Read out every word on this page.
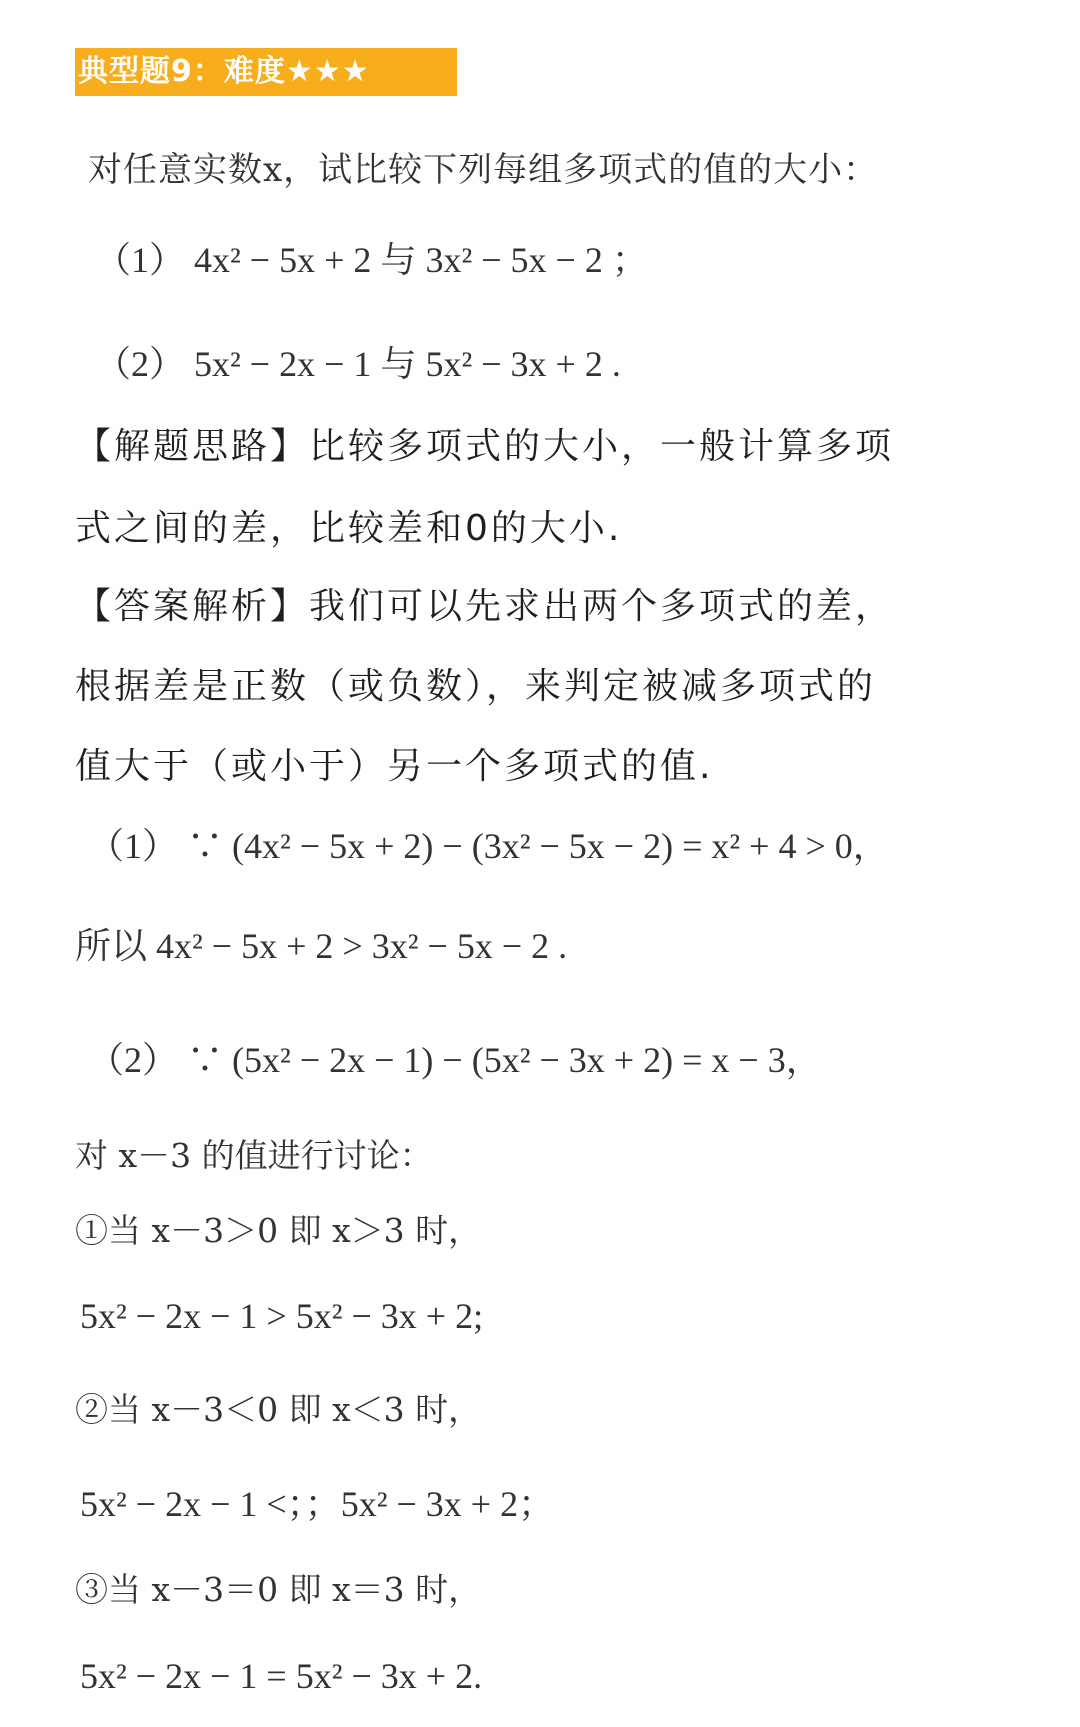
典型题9：难度★★★
对任意实数x，试比较下列每组多项式的值的大小：
（1） 4x² − 5x + 2 与 3x² − 5x − 2 ；
（2） 5x² − 2x − 1 与 5x² − 3x + 2 .
【解题思路】比较多项式的大小，一般计算多项
式之间的差，比较差和0的大小.
【答案解析】我们可以先求出两个多项式的差，
根据差是正数（或负数），来判定被减多项式的
值大于（或小于）另一个多项式的值.
（1） ∵ (4x² − 5x + 2) − (3x² − 5x − 2) = x² + 4 > 0，
所以 4x² − 5x + 2 > 3x² − 5x − 2 .
（2） ∵ (5x² − 2x − 1) − (5x² − 3x + 2) = x − 3，
对 x－3 的值进行讨论：
①当 x－3＞0 即 x＞3 时，
5x² − 2x − 1 > 5x² − 3x + 2;
②当 x－3＜0 即 x＜3 时，
5x² − 2x − 1 <；；5x² − 3x + 2；
③当 x－3＝0 即 x＝3 时，
5x² − 2x − 1 = 5x² − 3x + 2.
